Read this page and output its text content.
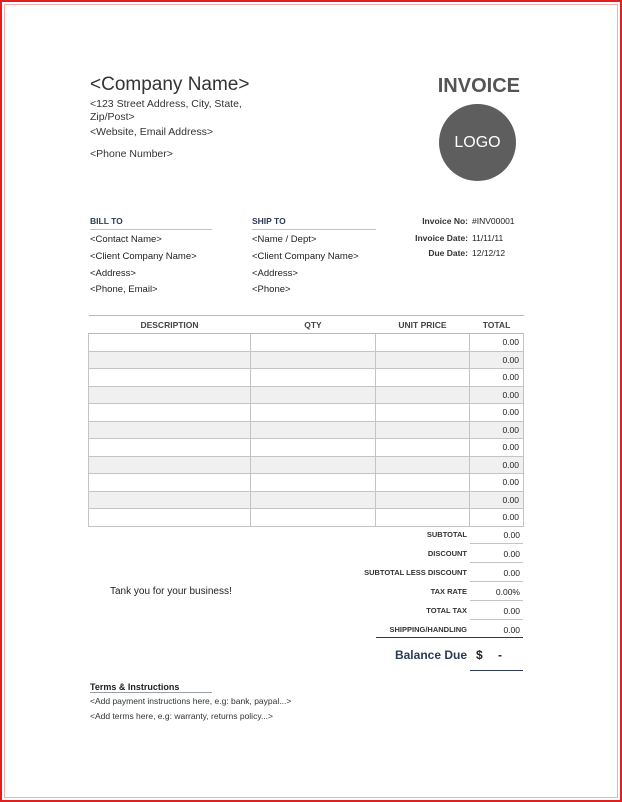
<Company Name>
<123 Street Address, City, State,
Zip/Post>
<Website, Email Address>
<Phone Number>
INVOICE
LOGO
BILL TO
<Contact Name>
<Client Company Name>
<Address>
<Phone, Email>
SHIP TO
<Name / Dept>
<Client Company Name>
<Address>
<Phone>
Invoice No: #INV00001
Invoice Date: 11/11/11
Due Date: 12/12/12
DESCRIPTION	QTY	UNIT PRICE	TOTAL
			0.00
			0.00
			0.00
			0.00
			0.00
			0.00
			0.00
			0.00
			0.00
			0.00
			0.00
SUBTOTAL	0.00
DISCOUNT	0.00
SUBTOTAL LESS DISCOUNT	0.00
TAX RATE	0.00%
TOTAL TAX	0.00
SHIPPING/HANDLING	0.00
Balance Due $ -
Tank you for your business!
Terms & Instructions
<Add payment instructions here, e.g: bank, paypal...>
<Add terms here, e.g: warranty, returns policy...>
